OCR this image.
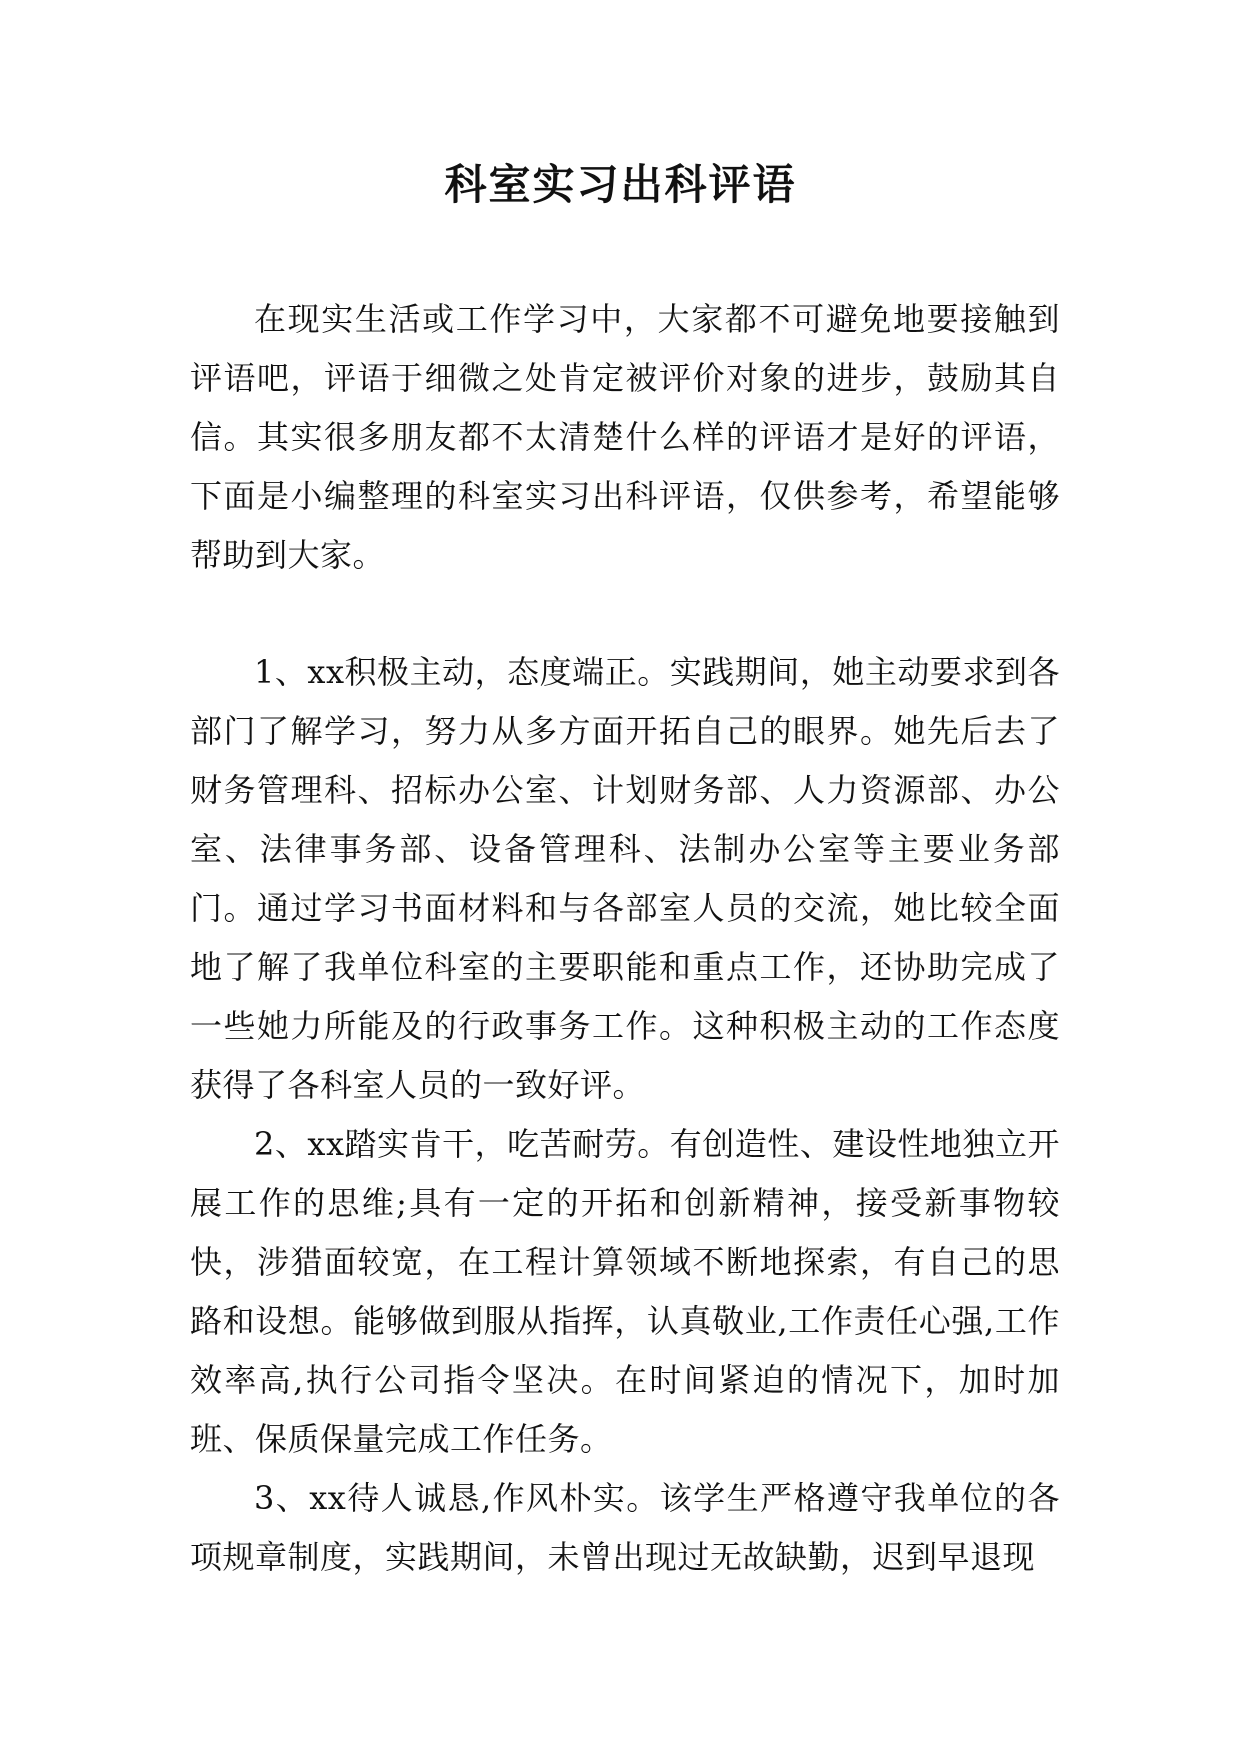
科室实习出科评语

在现实生活或工作学习中，大家都不可避免地要接触到评语吧，评语于细微之处肯定被评价对象的进步，鼓励其自信。其实很多朋友都不太清楚什么样的评语才是好的评语，下面是小编整理的科室实习出科评语，仅供参考，希望能够帮助到大家。

1、xx积极主动，态度端正。实践期间，她主动要求到各部门了解学习，努力从多方面开拓自己的眼界。她先后去了财务管理科、招标办公室、计划财务部、人力资源部、办公室、法律事务部、设备管理科、法制办公室等主要业务部门。通过学习书面材料和与各部室人员的交流，她比较全面地了解了我单位科室的主要职能和重点工作，还协助完成了一些她力所能及的行政事务工作。这种积极主动的工作态度获得了各科室人员的一致好评。

2、xx踏实肯干，吃苦耐劳。有创造性、建设性地独立开展工作的思维;具有一定的开拓和创新精神，接受新事物较快，涉猎面较宽，在工程计算领域不断地探索，有自己的思路和设想。能够做到服从指挥，认真敬业,工作责任心强,工作效率高,执行公司指令坚决。在时间紧迫的情况下，加时加班、保质保量完成工作任务。

3、xx待人诚恳,作风朴实。该学生严格遵守我单位的各项规章制度，实践期间，未曾出现过无故缺勤，迟到早退现
